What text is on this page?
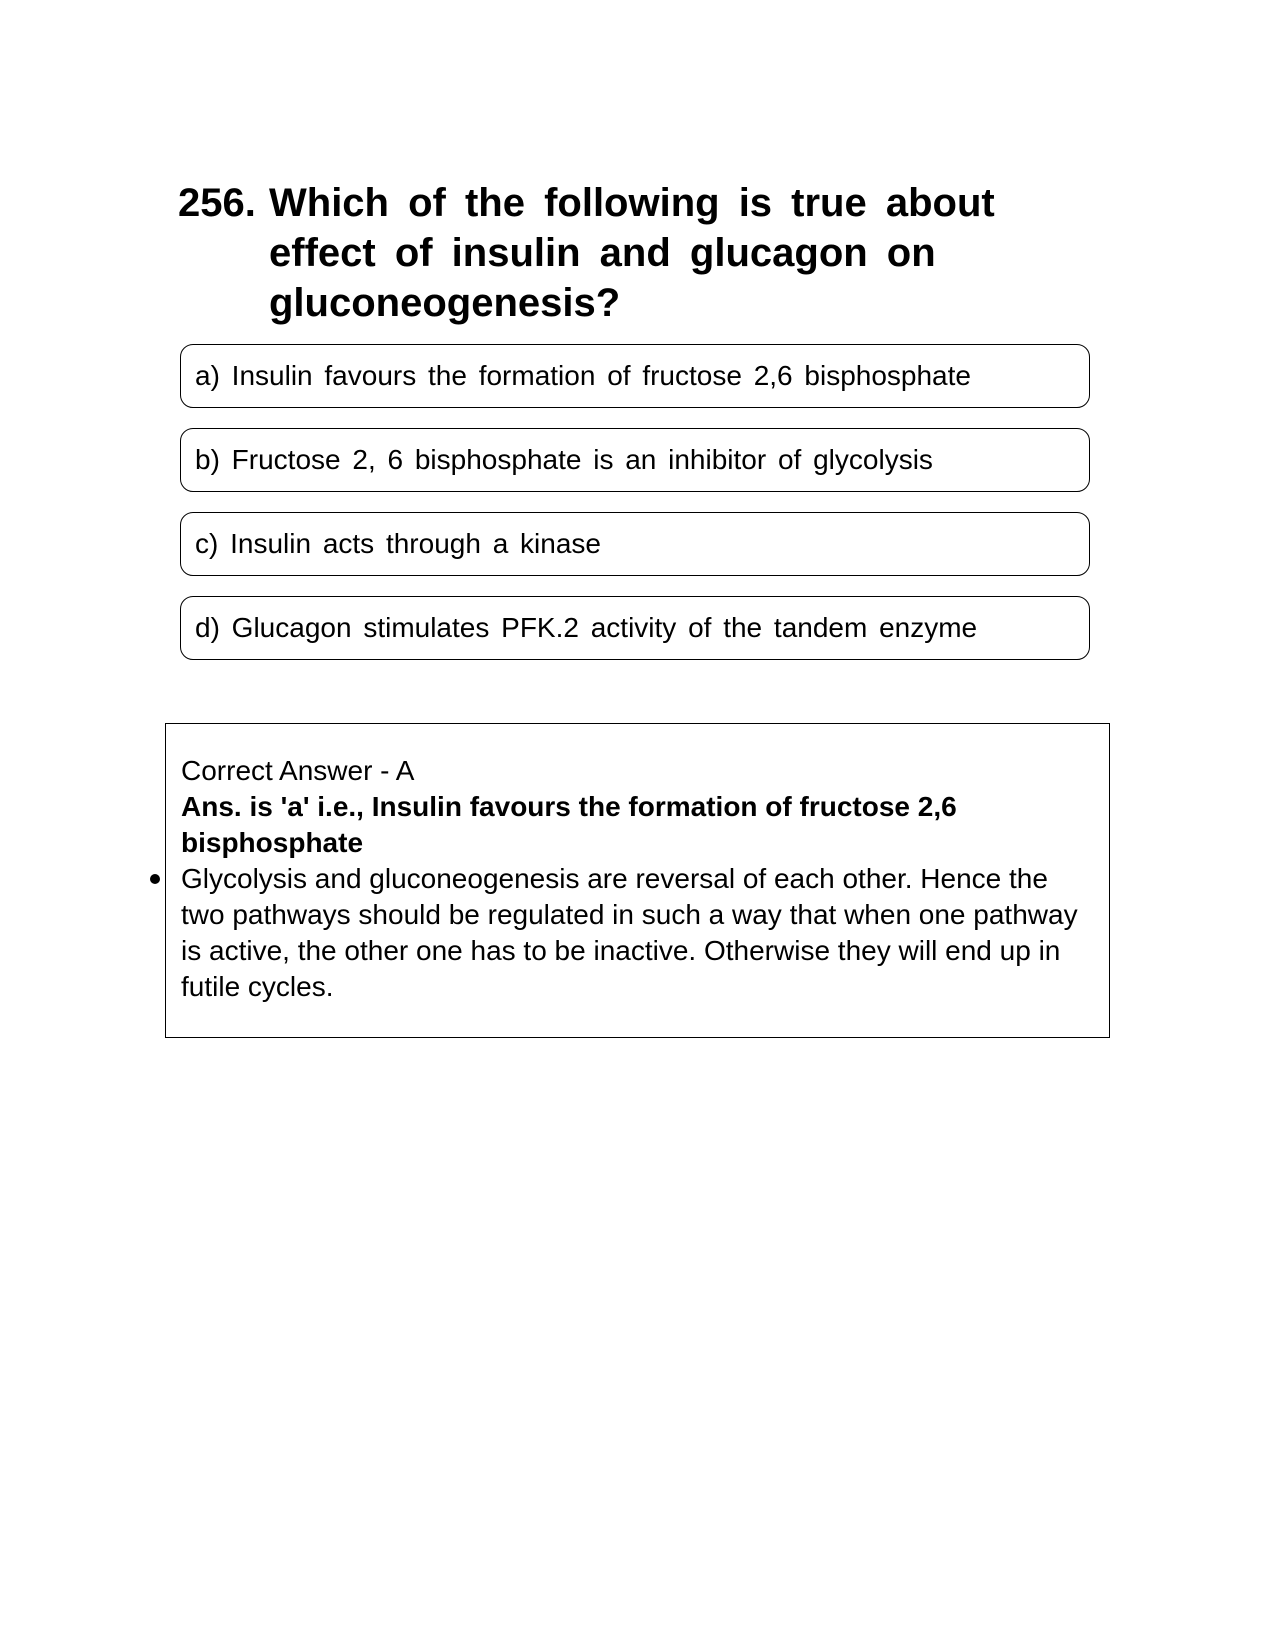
256. Which of the following is true about effect of insulin and glucagon on gluconeogenesis?
a) Insulin favours the formation of fructose 2,6 bisphosphate
b) Fructose 2, 6 bisphosphate is an inhibitor of glycolysis
c) Insulin acts through a kinase
d) Glucagon stimulates PFK.2 activity of the tandem enzyme
Correct Answer - A
Ans. is 'a' i.e., Insulin favours the formation of fructose 2,6 bisphosphate
Glycolysis and gluconeogenesis are reversal of each other. Hence the two pathways should be regulated in such a way that when one pathway is active, the other one has to be inactive. Otherwise they will end up in futile cycles.
